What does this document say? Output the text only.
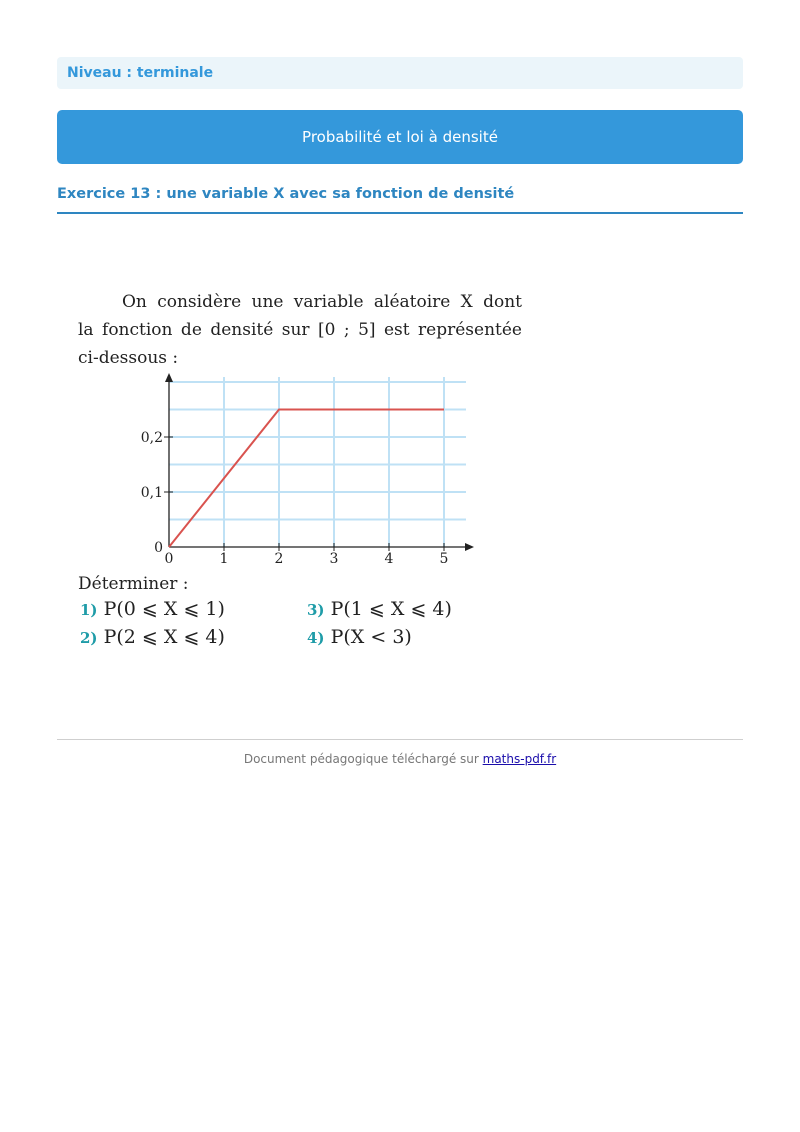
Niveau : terminale
Probabilité et loi à densité
Exercice 13 : une variable X avec sa fonction de densité
On considère une variable aléatoire X dont
la fonction de densité sur [0 ; 5] est représentée
ci-dessous :
0	1	2	3	4	5
0
0,1
0,2
Déterminer :
1) P(0 ⩽ X ⩽ 1)
2) P(2 ⩽ X ⩽ 4)
3) P(1 ⩽ X ⩽ 4)
4) P(X < 3)
Document pédagogique téléchargé sur maths-pdf.fr
